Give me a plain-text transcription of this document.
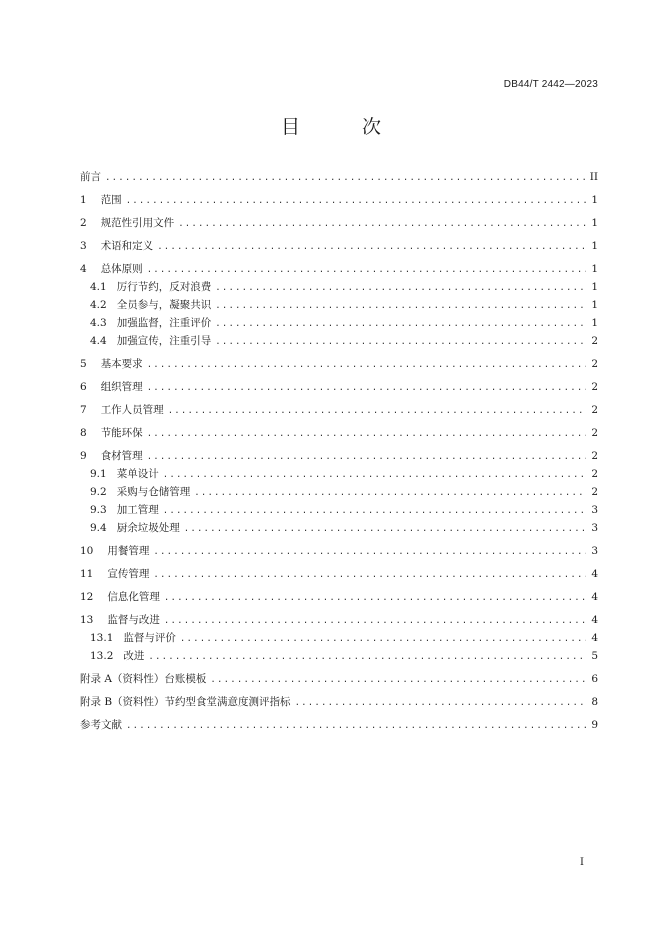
DB44/T 2442—2023
目 次
前言 .....	II
1 范围 .....	1
2 规范性引用文件 .....	1
3 术语和定义 .....	1
4 总体原则 .....	1
4.1 厉行节约，反对浪费 .....	1
4.2 全员参与，凝聚共识 .....	1
4.3 加强监督，注重评价 .....	1
4.4 加强宣传，注重引导 .....	2
5 基本要求 .....	2
6 组织管理 .....	2
7 工作人员管理 .....	2
8 节能环保 .....	2
9 食材管理 .....	2
9.1 菜单设计 .....	2
9.2 采购与仓储管理 .....	2
9.3 加工管理 .....	3
9.4 厨余垃圾处理 .....	3
10 用餐管理 .....	3
11 宣传管理 .....	4
12 信息化管理 .....	4
13 监督与改进 .....	4
13.1 监督与评价 .....	4
13.2 改进 .....	5
附录 A（资料性）台账模板 .....	6
附录 B（资料性）节约型食堂满意度测评指标 .....	8
参考文献 .....	9
I
